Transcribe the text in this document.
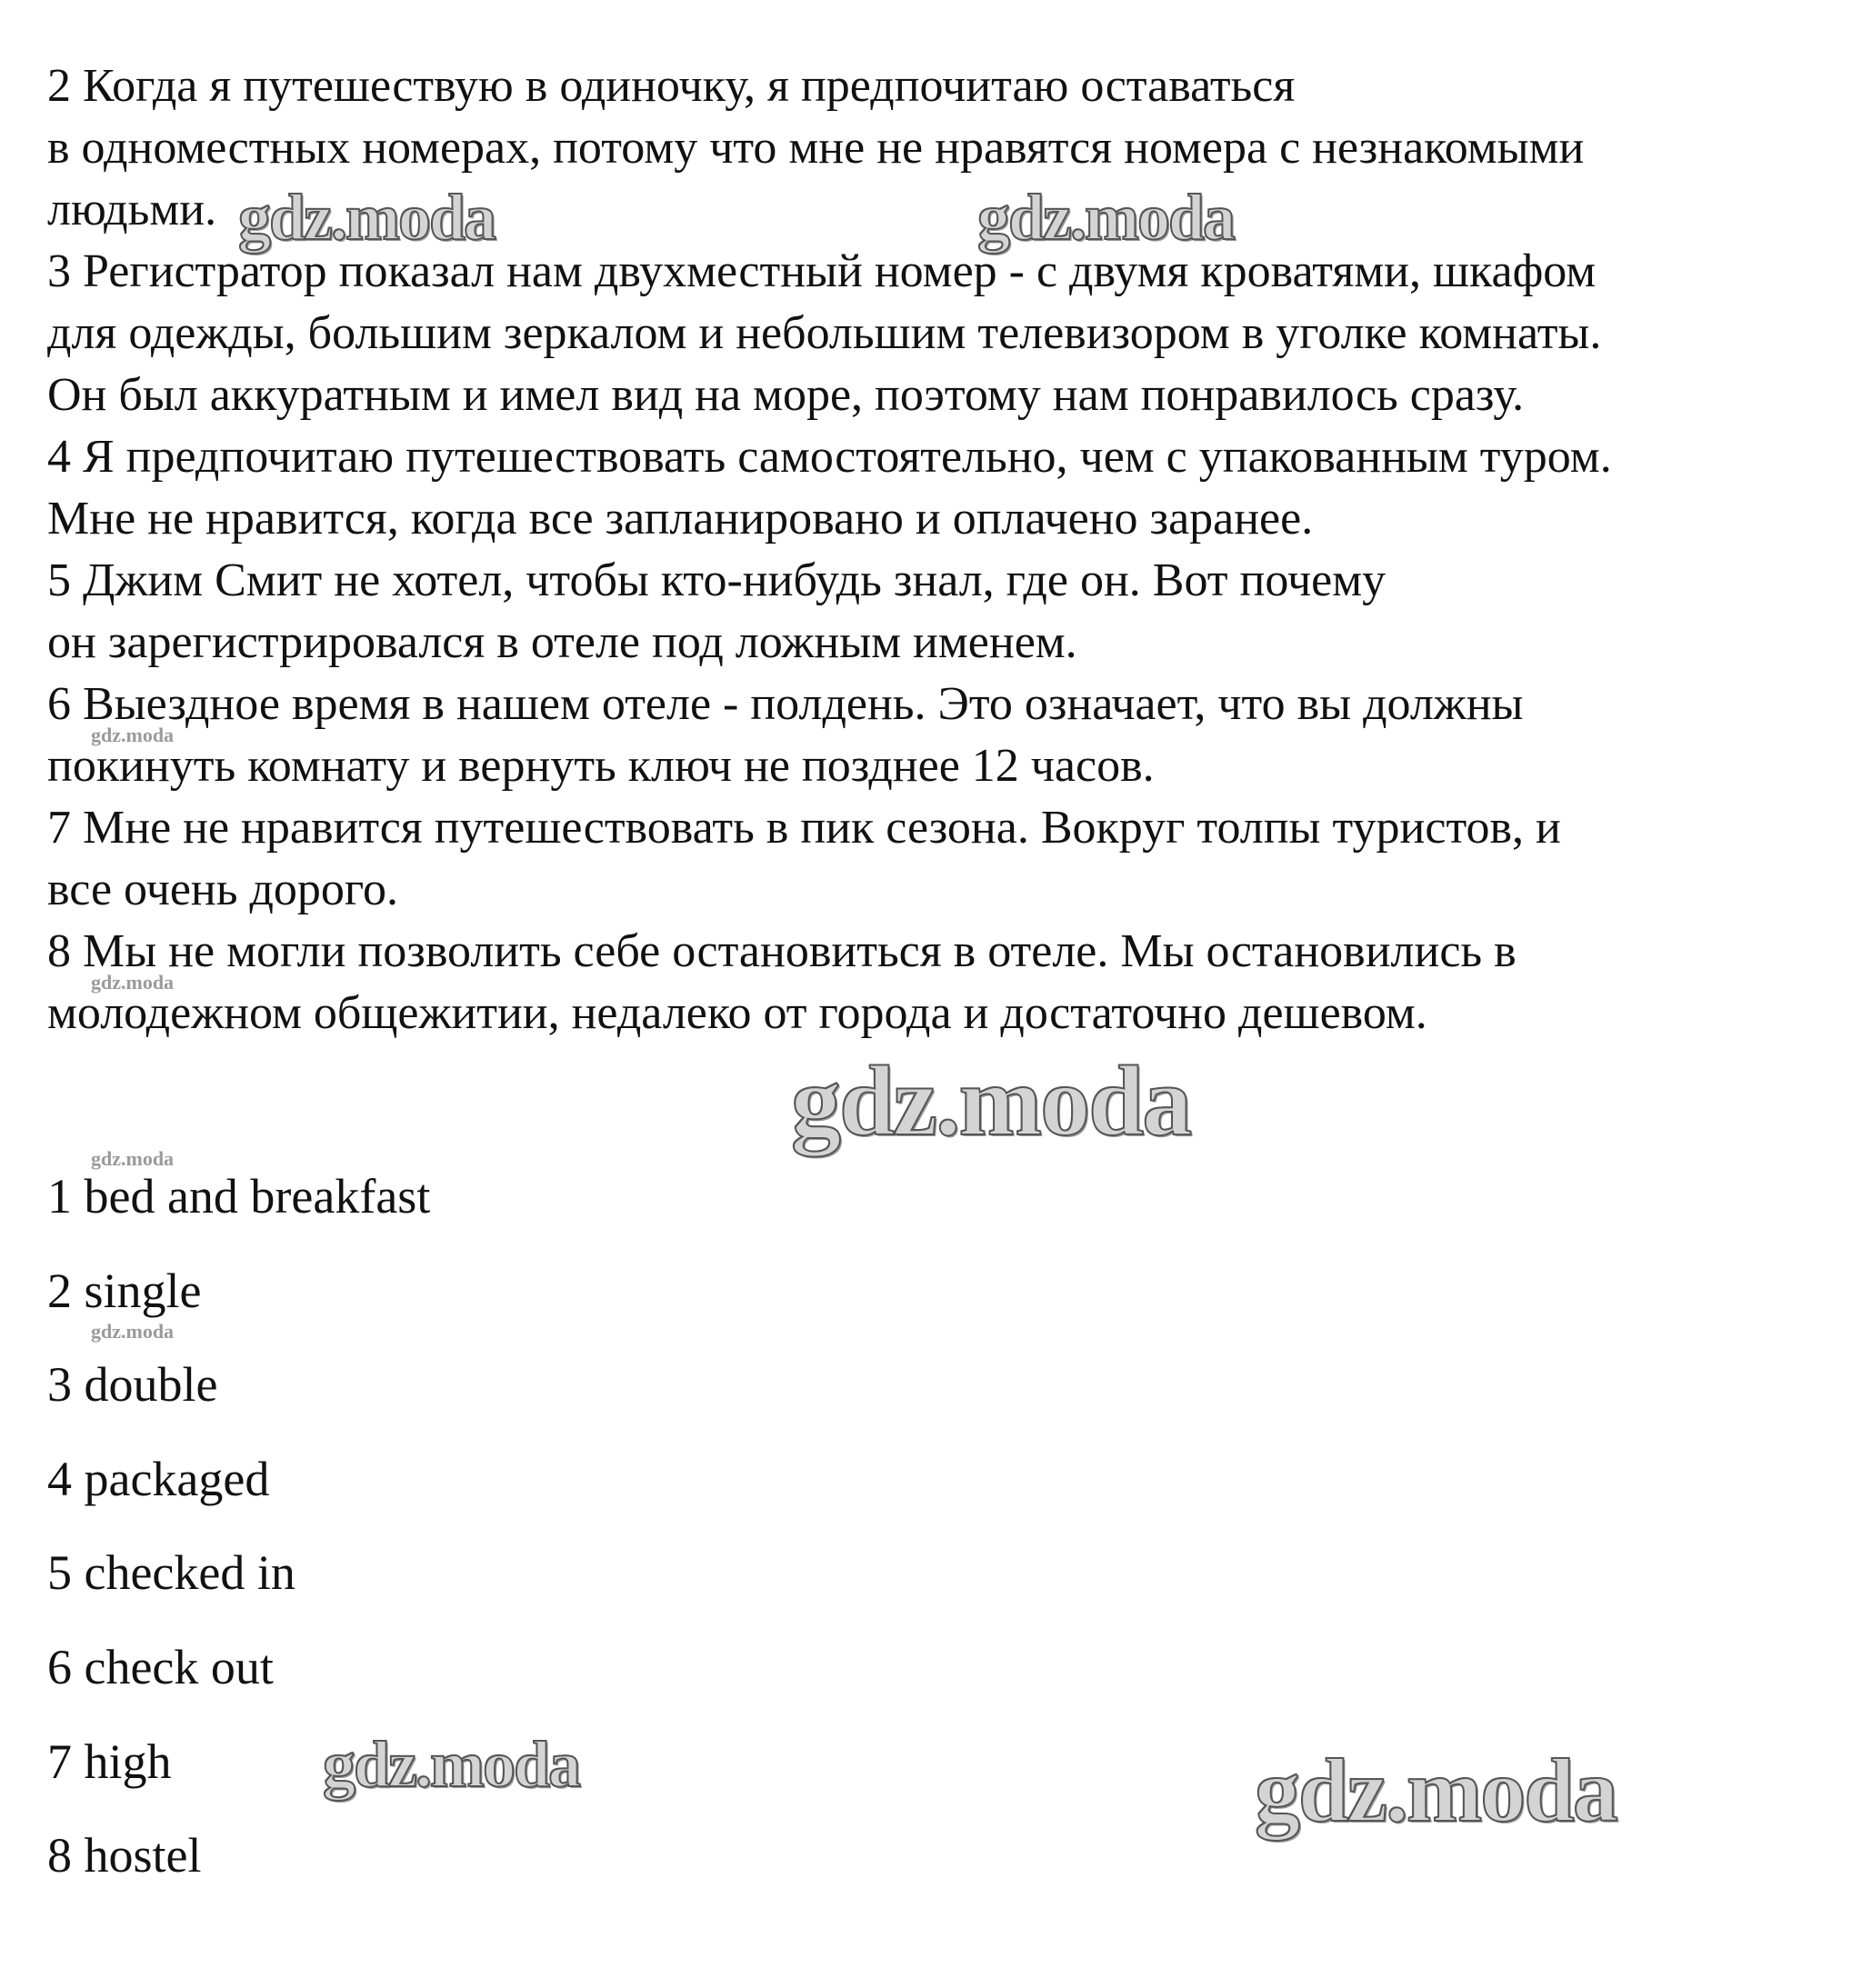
2 Когда я путешествую в одиночку, я предпочитаю оставаться
в одноместных номерах, потому что мне не нравятся номера с незнакомыми
людьми.
3 Регистратор показал нам двухместный номер - с двумя кроватями, шкафом
для одежды, большим зеркалом и небольшим телевизором в уголке комнаты.
Он был аккуратным и имел вид на море, поэтому нам понравилось сразу.
4 Я предпочитаю путешествовать самостоятельно, чем с упакованным туром.
Мне не нравится, когда все запланировано и оплачено заранее.
5 Джим Смит не хотел, чтобы кто-нибудь знал, где он. Вот почему
он зарегистрировался в отеле под ложным именем.
6 Выездное время в нашем отеле - полдень. Это означает, что вы должны
покинуть комнату и вернуть ключ не позднее 12 часов.
7 Мне не нравится путешествовать в пик сезона. Вокруг толпы туристов, и
все очень дорого.
8 Мы не могли позволить себе остановиться в отеле. Мы остановились в
молодежном общежитии, недалеко от города и достаточно дешевом.
1 bed and breakfast
2 single
3 double
4 packaged
5 checked in
6 check out
7 high
8 hostel
gdz.moda	gdz.moda
gdz.moda
gdz.moda	gdz.moda
gdz.moda
gdz.moda
gdz.moda
gdz.moda
